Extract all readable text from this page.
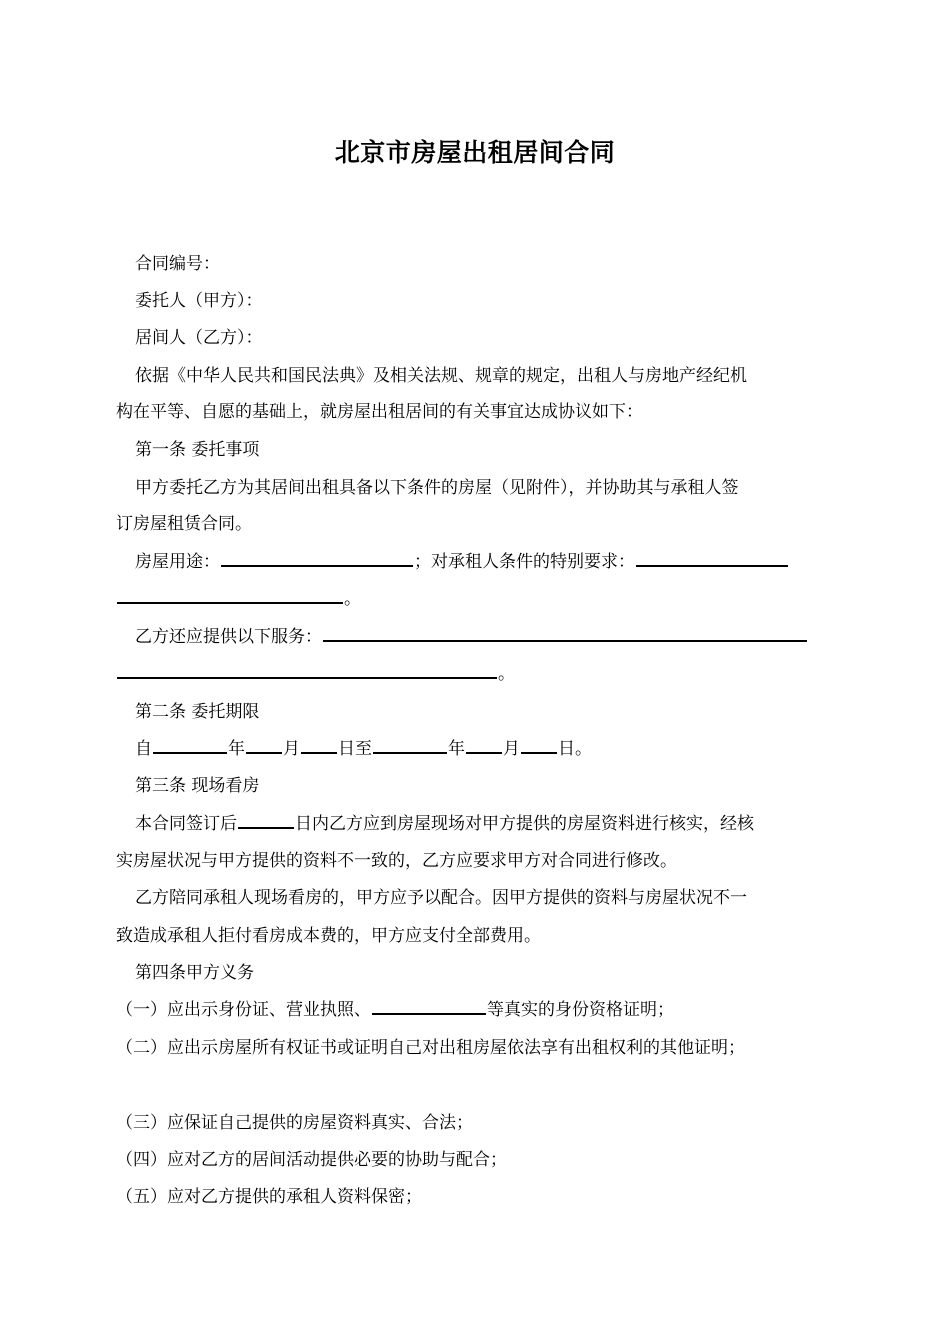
北京市房屋出租居间合同
合同编号：
委托人（甲方）：
居间人（乙方）：
依据《中华人民共和国民法典》及相关法规、规章的规定，出租人与房地产经纪机
构在平等、自愿的基础上，就房屋出租居间的有关事宜达成协议如下：
第一条 委托事项
甲方委托乙方为其居间出租具备以下条件的房屋（见附件），并协助其与承租人签
订房屋租赁合同。
房屋用途：	；对承租人条件的特别要求：
。
乙方还应提供以下服务：
。
第二条 委托期限
自	年 月 日至	年 月 日。
第三条 现场看房
本合同签订后	日内乙方应到房屋现场对甲方提供的房屋资料进行核实，经核
实房屋状况与甲方提供的资料不一致的，乙方应要求甲方对合同进行修改。
乙方陪同承租人现场看房的，甲方应予以配合。因甲方提供的资料与房屋状况不一
致造成承租人拒付看房成本费的，甲方应支付全部费用。
第四条甲方义务
（一）应出示身份证、营业执照、	等真实的身份资格证明；
（二）应出示房屋所有权证书或证明自己对出租房屋依法享有出租权利的其他证明；
（三）应保证自己提供的房屋资料真实、合法；
（四）应对乙方的居间活动提供必要的协助与配合；
（五）应对乙方提供的承租人资料保密；
